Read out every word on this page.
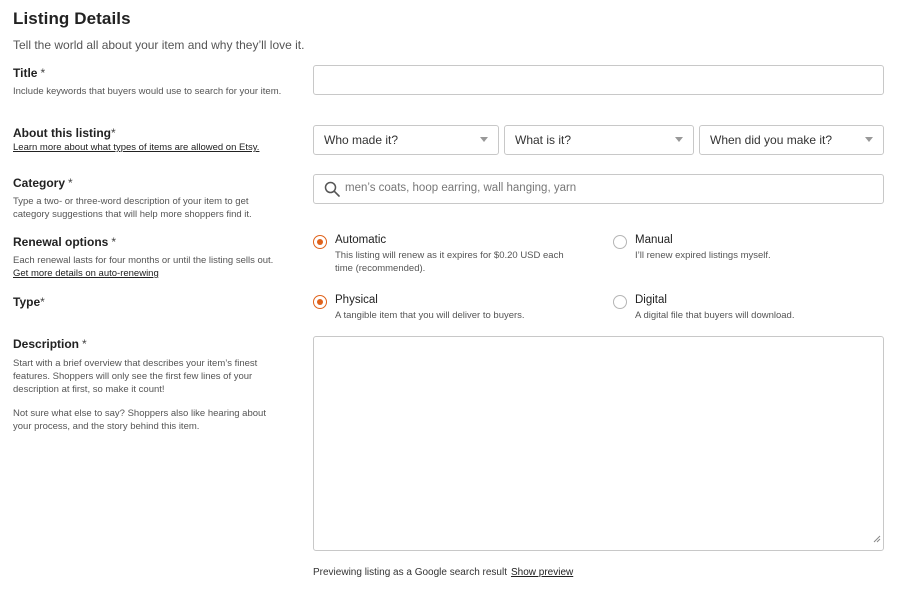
Listing Details

Tell the world all about your item and why they’ll love it.

Title *
Include keywords that buyers would use to search for your item.
About this listing*
Learn more about what types of items are allowed on Etsy.
Who made it?	What is it?	When did you make it?
Category *
Type a two- or three-word description of your item to get category suggestions that will help more shoppers find it.
men’s coats, hoop earring, wall hanging, yarn
Renewal options *
Each renewal lasts for four months or until the listing sells out. Get more details on auto-renewing
Automatic
This listing will renew as it expires for $0.20 USD each time (recommended).
Manual
I’ll renew expired listings myself.
Type*	Physical
A tangible item that you will deliver to buyers.
Digital
A digital file that buyers will download.
Description *
Start with a brief overview that describes your item’s finest features. Shoppers will only see the first few lines of your description at first, so make it count!
Not sure what else to say? Shoppers also like hearing about your process, and the story behind this item.
Previewing listing as a Google search result Show preview
